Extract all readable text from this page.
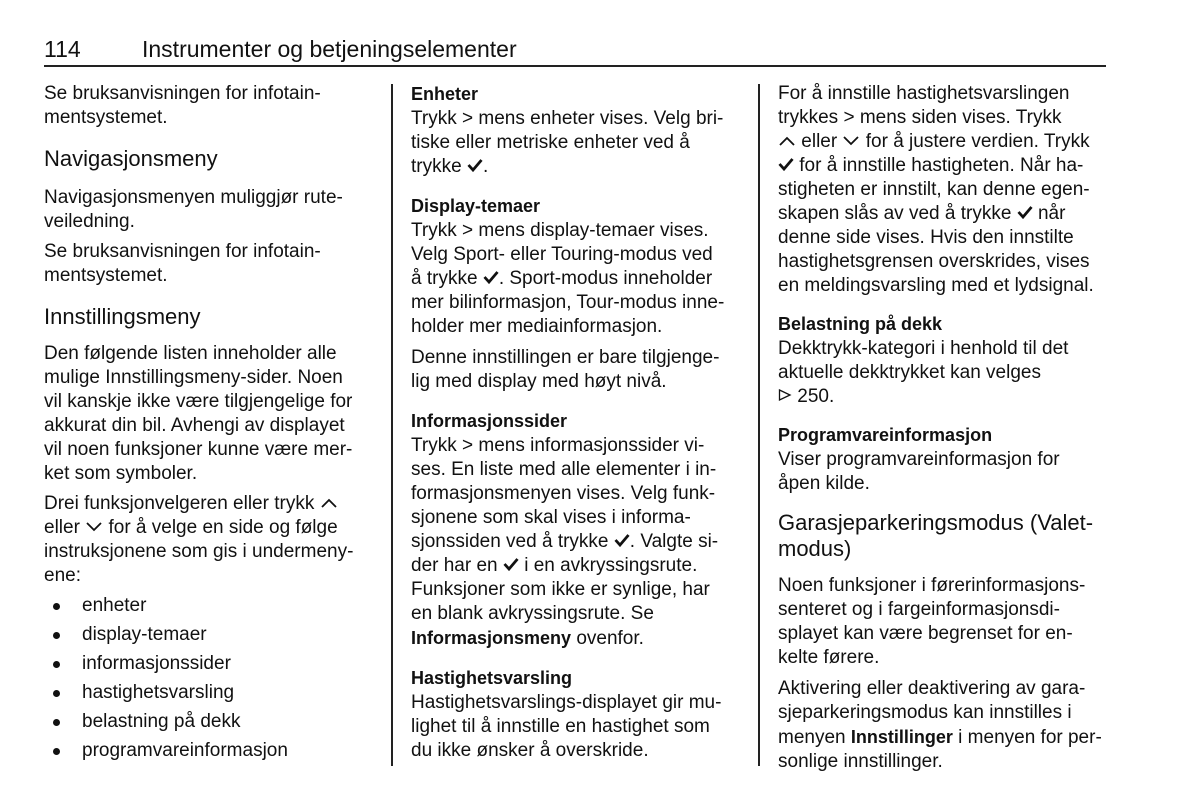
114	Instrumenter og betjeningselementer

Se bruksanvisningen for infotain‐
mentsystemet.

Navigasjonsmeny

Navigasjonsmenyen muliggjør rute‐
veiledning.

Se bruksanvisningen for infotain‐
mentsystemet.

Innstillingsmeny

Den følgende listen inneholder alle
mulige Innstillingsmeny-sider. Noen
vil kanskje ikke være tilgjengelige for
akkurat din bil. Avhengi av displayet
vil noen funksjoner kunne være mer‐
ket som symboler.

Drei funksjonvelgeren eller trykk
eller for å velge en side og følge
instruksjonene som gis i undermeny‐
ene:

enheter
display-temaer
informasjonssider
hastighetsvarsling
belastning på dekk
programvareinformasjon

Enheter
Trykk > mens enheter vises. Velg bri‐
tiske eller metriske enheter ved å
trykke .

Display-temaer
Trykk > mens display-temaer vises.
Velg Sport- eller Touring-modus ved
å trykke . Sport-modus inneholder
mer bilinformasjon, Tour-modus inne‐
holder mer mediainformasjon.

Denne innstillingen er bare tilgjenge‐
lig med display med høyt nivå.

Informasjonssider
Trykk > mens informasjonssider vi‐
ses. En liste med alle elementer i in‐
formasjonsmenyen vises. Velg funk‐
sjonene som skal vises i informa‐
sjonssiden ved å trykke . Valgte si‐
der har en i en avkryssingsrute.
Funksjoner som ikke er synlige, har
en blank avkryssingsrute. Se
Informasjonsmeny ovenfor.

Hastighetsvarsling
Hastighetsvarslings-displayet gir mu‐
lighet til å innstille en hastighet som
du ikke ønsker å overskride.

For å innstille hastighetsvarslingen
trykkes > mens siden vises. Trykk
eller for å justere verdien. Trykk
for å innstille hastigheten. Når ha‐
stigheten er innstilt, kan denne egen‐
skapen slås av ved å trykke når
denne side vises. Hvis den innstilte
hastighetsgrensen overskrides, vises
en meldingsvarsling med et lydsignal.

Belastning på dekk
Dekktrykk-kategori i henhold til det
aktuelle dekktrykket kan velges
250.

Programvareinformasjon
Viser programvareinformasjon for
åpen kilde.

Garasjeparkeringsmodus (Valet‐
modus)

Noen funksjoner i førerinformasjons‐
senteret og i fargeinformasjonsdi‐
splayet kan være begrenset for en‐
kelte førere.

Aktivering eller deaktivering av gara‐
sjeparkeringsmodus kan innstilles i
menyen Innstillinger i menyen for per‐
sonlige innstillinger.
